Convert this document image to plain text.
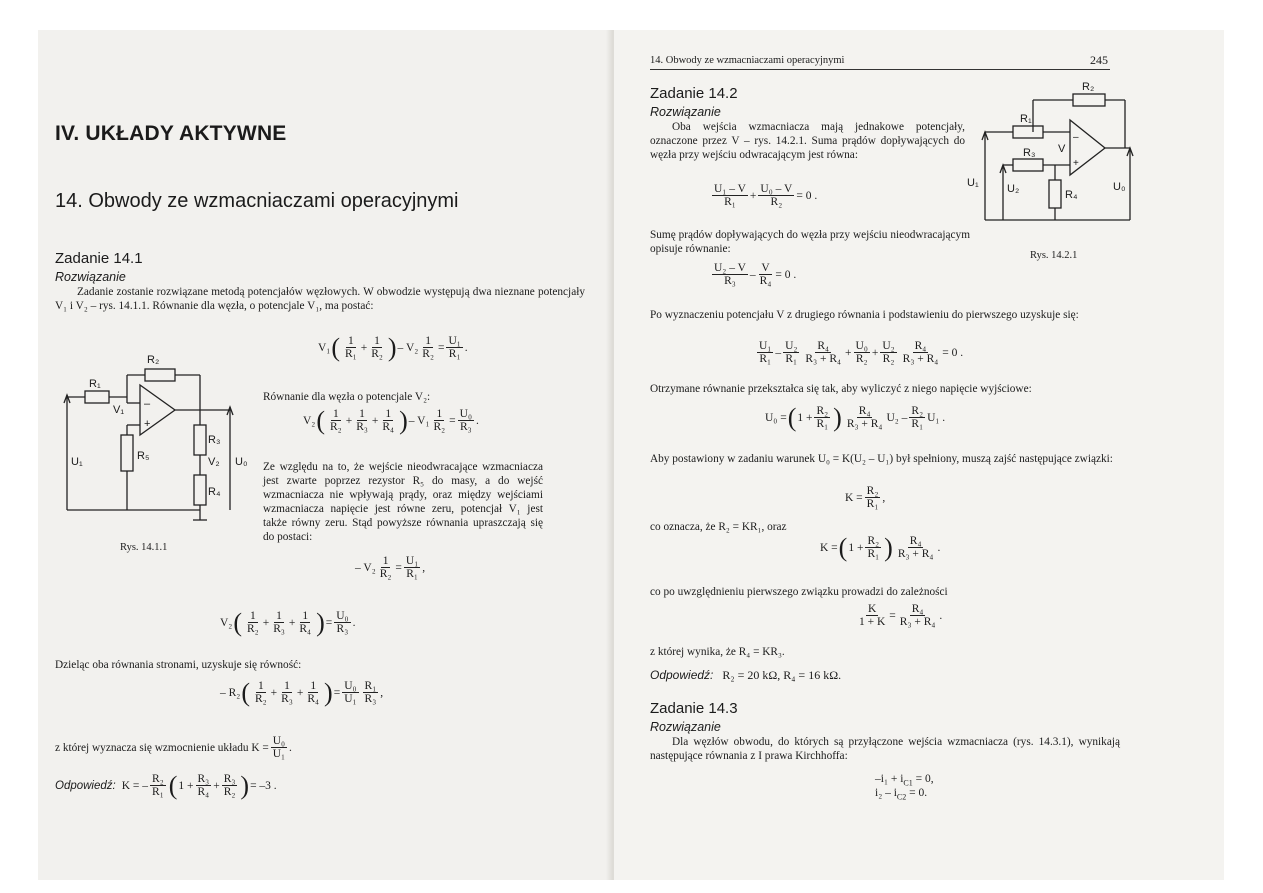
IV. UKŁADY AKTYWNE
14. Obwody ze wzmacniaczami operacyjnymi
Zadanie 14.1
Rozwiązanie
Zadanie zostanie rozwiązane metodą potencjałów węzłowych. W obwodzie występują dwa nieznane potencjały V₁ i V₂ – rys. 14.1.1. Równanie dla węzła, o potencjale V₁, ma postać:
R₂
R₁
V₁ –
+
R₅
U₁
R₃
V₂
R₄
U₀
Rys. 14.1.1
V₁ ( 1
R₁
+
1
R₂ ) – V₂
1
R₂
=
U₁
R₁
.
Równanie dla węzła o potencjale V₂:
V₂ ( 1
R₂
+
1
R₃
+
1
R₄ ) – V₁
1
R₂
=
U₀
R₃
.
Ze względu na to, że wejście nieodwracające wzmacniacza jest zwarte poprzez rezystor R₅ do masy, a do wejść wzmacniacza nie wpływają prądy, oraz między wejściami wzmacniacza napięcie jest równe zeru, potencjał V₁ jest także równy zeru. Stąd powyższe równania upraszczają się do postaci:
– V₂
1
R₂
=
U₁
R₁
,
V₂ ( 1
R₂
+
1
R₃
+
1
R₄ ) =
U₀
R₃
.
Dzieląc oba równania stronami, uzyskuje się równość:
– R₂ ( 1
R₂
+
1
R₃
+
1
R₄ ) =
U₀
U₁
R₁
R₃
,
z której wyznacza się wzmocnienie układu $K = \frac{\text{U₀}}{\text{U₁}}$ .
Odpowiedź: K = –
R₂
R₁ ( $1 + \frac{\text{R₃}}{\text{R₄}}$ +
R₃
R₂ ) = –3 .
14. Obwody ze wzmacniaczami operacyjnymi	245
Zadanie 14.2
Rozwiązanie
Oba wejścia wzmacniacza mają jednakowe potencjały, oznaczone przez V – rys. 14.2.1. Suma prądów dopływających do węzła przy wejściu odwracającym jest równa:
R₂
R₁
V
–
+
R₃
R₄
U₁	U₂	U₀
Rys. 14.2.1
U₁ – V
R₁
+ $\frac{\text{U₀ – V}}{\text{R₂}} = 0$ .
Sumę prądów dopływających do węzła przy wejściu nieodwracającym opisuje równanie:
U₂ – V
R₃
– $\frac{V}{\text{R₄}} = 0$ .
Po wyznaczeniu potencjału V z drugiego równania i podstawieniu do pierwszego uzyskuje się:
U₁
R₁
–
U₂
R₁
R₄
R₃ + R₄
+
U₀
R₂
+
U₂
$R_2 \frac{\text{R₄}}{\text{R₃ + R₄}} = 0$ .
Otrzymane równanie przekształca się tak, aby wyliczyć z niego napięcie wyjściowe:
U₀ = ( $1 + \frac{\text{R₂}}{\text{R₁}}$ ) R₄
R₃ + R₄
U₂ –
R₂
R₁
U₁ .
Aby postawiony w zadaniu warunek U₀ = K(U₂ – U₁) był spełniony, muszą zajść następujące związki:
$K = \frac{\text{R₂}}{\text{R₁}}$ ,
co oznacza, że R₂ = KR₁, oraz
K = ( $1 + \frac{\text{R₂}}{\text{R₁}}$ ) R₄
R₃ + R₄
.
co po uwzględnieniu pierwszego związku prowadzi do zależności
K
1 + K
=
R₄
R₃ + R₄
.
z której wynika, że R₄ = KR₃.
Odpowiedź: R₂ = 20 kΩ, R₄ = 16 kΩ.
Zadanie 14.3
Rozwiązanie
Dla węzłów obwodu, do których są przyłączone wejścia wzmacniacza (rys. 14.3.1), wynikają następujące równania z I prawa Kirchhoffa:
$-i_1 + i_{C1} = 0$,
$i_2 - i_{C2} = 0$.
